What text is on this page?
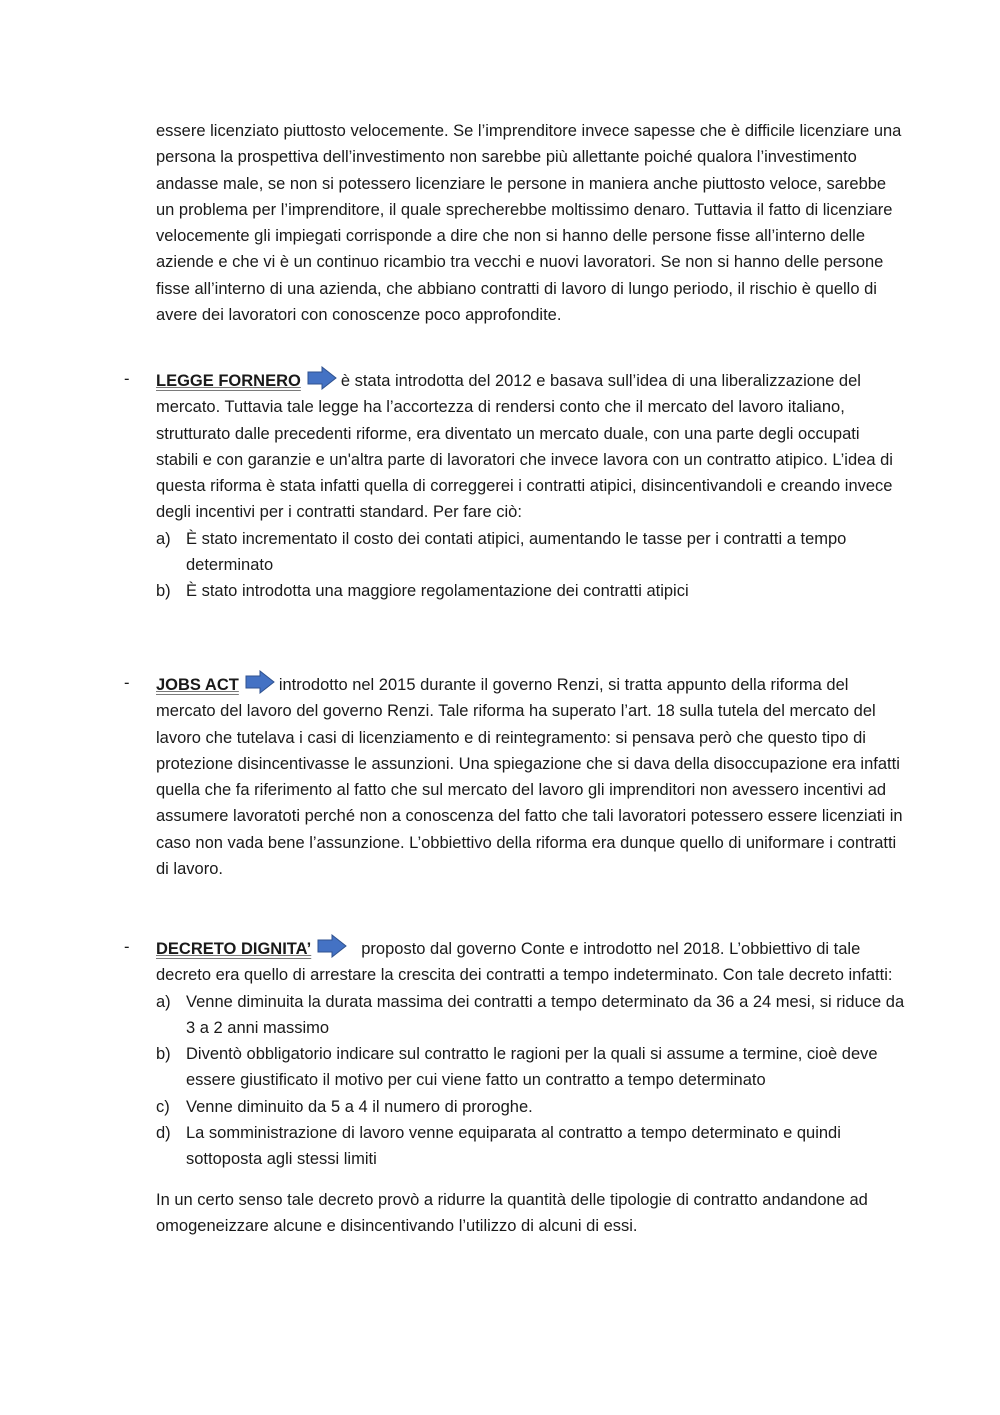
essere licenziato piuttosto velocemente. Se l’imprenditore invece sapesse che è difficile licenziare una persona la prospettiva dell’investimento non sarebbe più allettante poiché qualora l’investimento andasse male, se non si potessero licenziare le persone in maniera anche piuttosto veloce, sarebbe un problema per l’imprenditore, il quale sprecherebbe moltissimo denaro. Tuttavia il fatto di licenziare velocemente gli impiegati corrisponde a dire che non si hanno delle persone fisse all’interno delle aziende e che vi è un continuo ricambio tra vecchi e nuovi lavoratori. Se non si hanno delle persone fisse all’interno di una azienda, che abbiano contratti di lavoro di lungo periodo, il rischio è quello di avere dei lavoratori con conoscenze poco approfondite.

- LEGGE FORNERO è stata introdotta del 2012 e basava sull’idea di una liberalizzazione del mercato. Tuttavia tale legge ha l’accortezza di rendersi conto che il mercato del lavoro italiano, strutturato dalle precedenti riforme, era diventato un mercato duale, con una parte degli occupati stabili e con garanzie e un'altra parte di lavoratori che invece lavora con un contratto atipico. L’idea di questa riforma è stata infatti quella di correggerei i contratti atipici, disincentivandoli e creando invece degli incentivi per i contratti standard. Per fare ciò:

a) È stato incrementato il costo dei contati atipici, aumentando le tasse per i contratti a tempo determinato
b) È stato introdotta una maggiore regolamentazione dei contratti atipici
- JOBS ACT introdotto nel 2015 durante il governo Renzi, si tratta appunto della riforma del mercato del lavoro del governo Renzi. Tale riforma ha superato l’art. 18 sulla tutela del mercato del lavoro che tutelava i casi di licenziamento e di reintegramento: si pensava però che questo tipo di protezione disincentivasse le assunzioni. Una spiegazione che si dava della disoccupazione era infatti quella che fa riferimento al fatto che sul mercato del lavoro gli imprenditori non avessero incentivi ad assumere lavoratoti perché non a conoscenza del fatto che tali lavoratori potessero essere licenziati in caso non vada bene l’assunzione. L’obbiettivo della riforma era dunque quello di uniformare i contratti di lavoro.

- DECRETO DIGNITA’	proposto dal governo Conte e introdotto nel 2018. L’obbiettivo di tale decreto era quello di arrestare la crescita dei contratti a tempo indeterminato. Con tale decreto infatti:

a) Venne diminuita la durata massima dei contratti a tempo determinato da 36 a 24 mesi, si riduce da 3 a 2 anni massimo
b) Diventò obbligatorio indicare sul contratto le ragioni per la quali si assume a termine, cioè deve essere giustificato il motivo per cui viene fatto un contratto a tempo determinato
c) Venne diminuito da 5 a 4 il numero di proroghe.
d) La somministrazione di lavoro venne equiparata al contratto a tempo determinato e quindi sottoposta agli stessi limiti

In un certo senso tale decreto provò a ridurre la quantità delle tipologie di contratto andandone ad omogeneizzare alcune e disincentivando l’utilizzo di alcuni di essi.
